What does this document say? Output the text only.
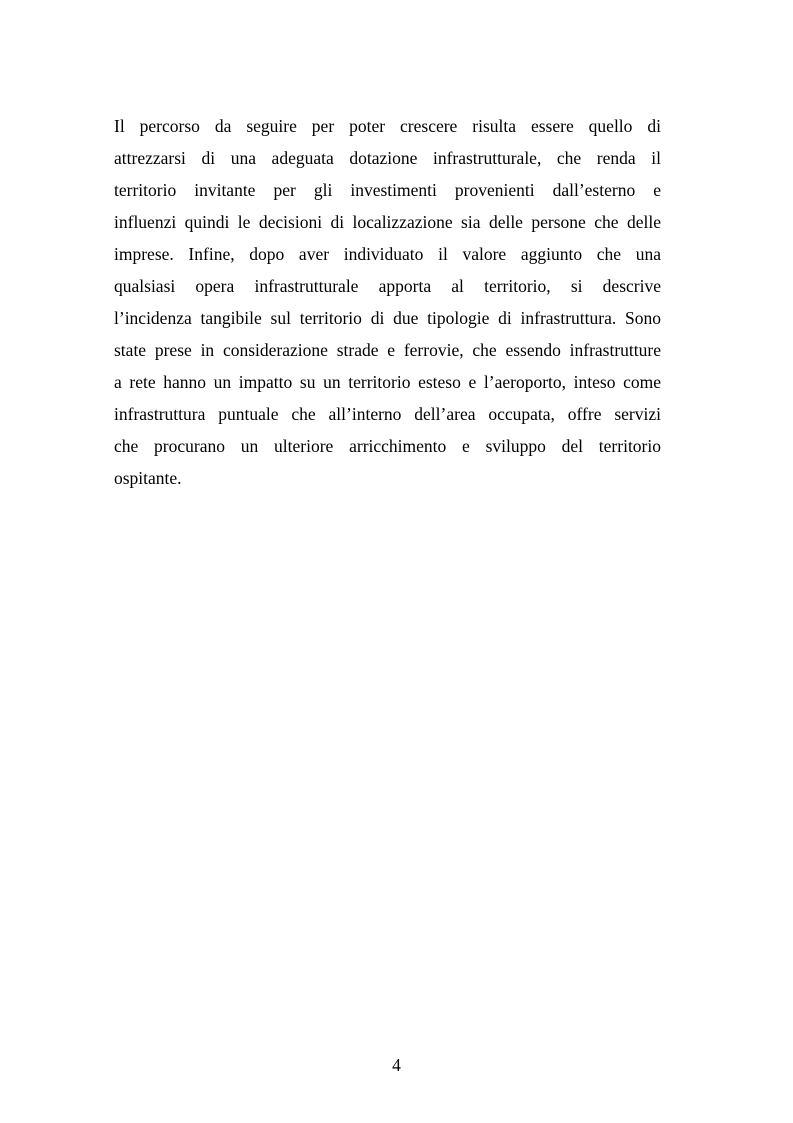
Il percorso da seguire per poter crescere risulta essere quello di
attrezzarsi di una adeguata dotazione infrastrutturale, che renda il
territorio invitante per gli investimenti provenienti dall’esterno e
influenzi quindi le decisioni di localizzazione sia delle persone che delle
imprese. Infine, dopo aver individuato il valore aggiunto che una
qualsiasi opera infrastrutturale apporta al territorio, si descrive
l’incidenza tangibile sul territorio di due tipologie di infrastruttura. Sono
state prese in considerazione strade e ferrovie, che essendo infrastrutture
a rete hanno un impatto su un territorio esteso e l’aeroporto, inteso come
infrastruttura puntuale che all’interno dell’area occupata, offre servizi
che procurano un ulteriore arricchimento e sviluppo del territorio
ospitante.

4
